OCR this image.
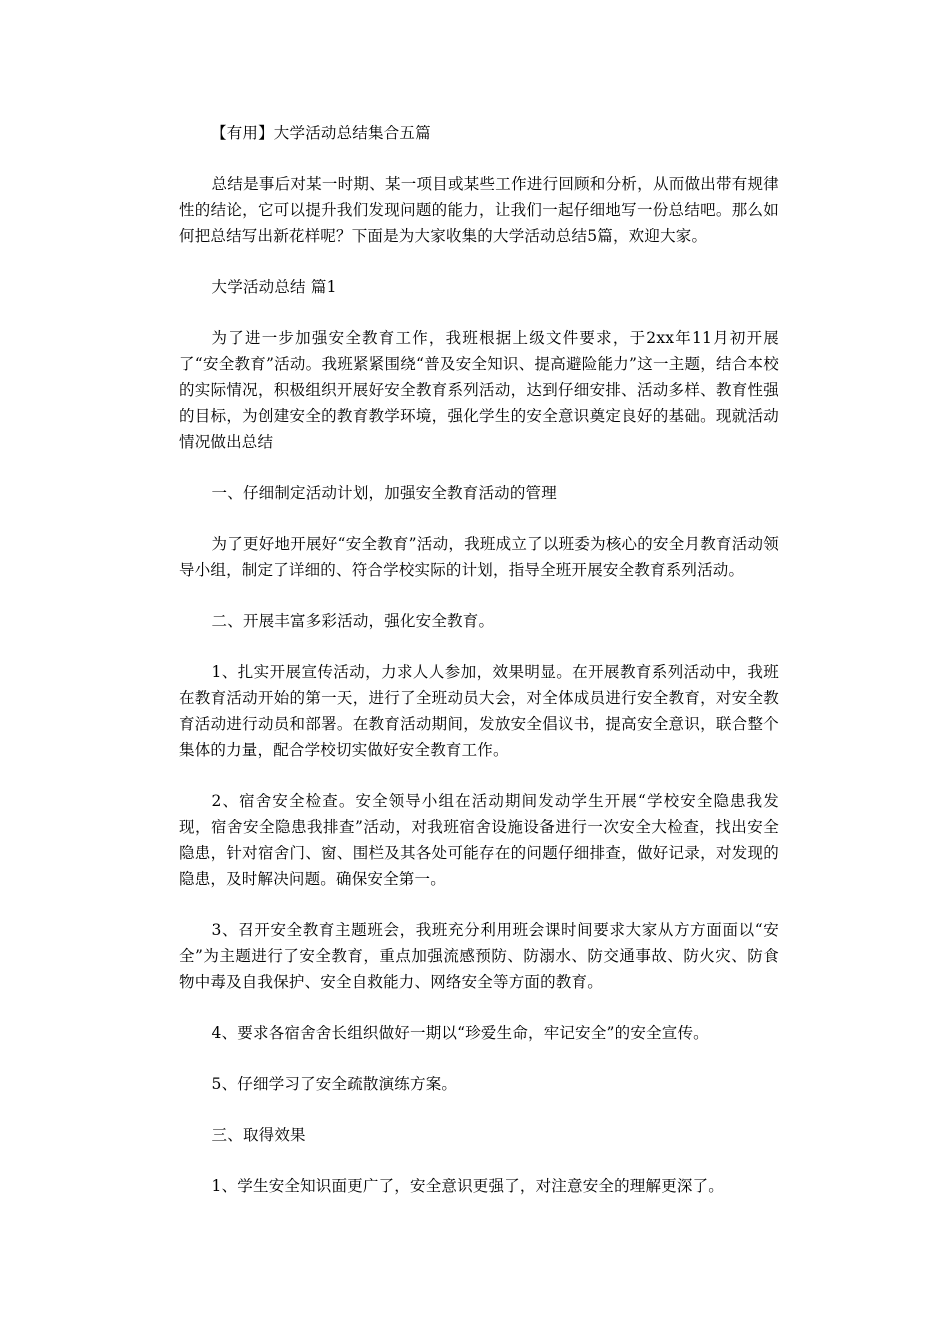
【有用】大学活动总结集合五篇
总结是事后对某一时期、某一项目或某些工作进行回顾和分析，从而做出带有规律性的结论，它可以提升我们发现问题的能力，让我们一起仔细地写一份总结吧。那么如何把总结写出新花样呢？下面是为大家收集的大学活动总结5篇，欢迎大家。
大学活动总结 篇1
为了进一步加强安全教育工作，我班根据上级文件要求，于2xx年11月初开展了“安全教育”活动。我班紧紧围绕“普及安全知识、提高避险能力”这一主题，结合本校的实际情况，积极组织开展好安全教育系列活动，达到仔细安排、活动多样、教育性强的目标，为创建安全的教育教学环境，强化学生的安全意识奠定良好的基础。现就活动情况做出总结
一、仔细制定活动计划，加强安全教育活动的管理
为了更好地开展好“安全教育”活动，我班成立了以班委为核心的安全月教育活动领导小组，制定了详细的、符合学校实际的计划，指导全班开展安全教育系列活动。
二、开展丰富多彩活动，强化安全教育。
1、扎实开展宣传活动，力求人人参加，效果明显。在开展教育系列活动中，我班在教育活动开始的第一天，进行了全班动员大会，对全体成员进行安全教育，对安全教育活动进行动员和部署。在教育活动期间，发放安全倡议书，提高安全意识，联合整个集体的力量，配合学校切实做好安全教育工作。
2、宿舍安全检查。安全领导小组在活动期间发动学生开展“学校安全隐患我发现，宿舍安全隐患我排查”活动，对我班宿舍设施设备进行一次安全大检查，找出安全隐患，针对宿舍门、窗、围栏及其各处可能存在的问题仔细排查，做好记录，对发现的隐患，及时解决问题。确保安全第一。
3、召开安全教育主题班会，我班充分利用班会课时间要求大家从方方面面以“安全”为主题进行了安全教育，重点加强流感预防、防溺水、防交通事故、防火灾、防食物中毒及自我保护、安全自救能力、网络安全等方面的教育。
4、要求各宿舍舍长组织做好一期以“珍爱生命，牢记安全”的安全宣传。
5、仔细学习了安全疏散演练方案。
三、取得效果
1、学生安全知识面更广了，安全意识更强了，对注意安全的理解更深了。
